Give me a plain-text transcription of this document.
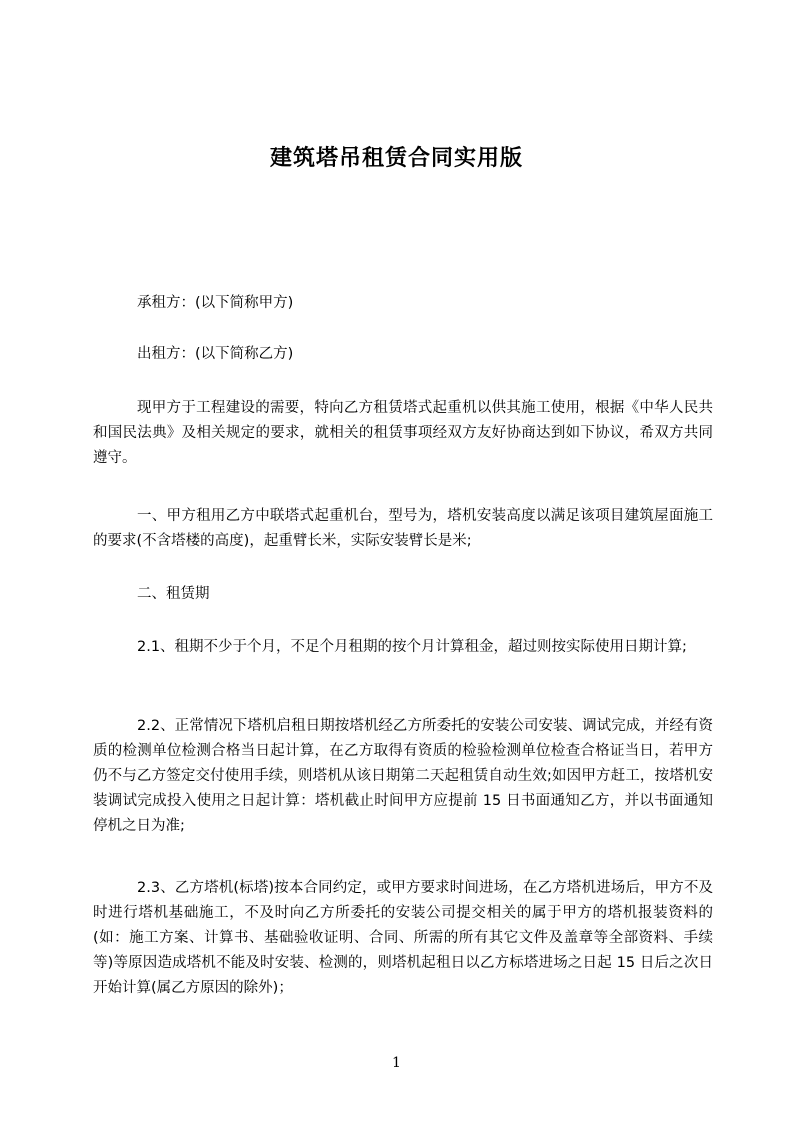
建筑塔吊租赁合同实用版
承租方：(以下简称甲方)
出租方：(以下简称乙方)
现甲方于工程建设的需要，特向乙方租赁塔式起重机以供其施工使用，根据《中华人民共和国民法典》及相关规定的要求，就相关的租赁事项经双方友好协商达到如下协议，希双方共同遵守。
一、甲方租用乙方中联塔式起重机台，型号为，塔机安装高度以满足该项目建筑屋面施工的要求(不含塔楼的高度)，起重臂长米，实际安装臂长是米;
二、租赁期
2.1、租期不少于个月，不足个月租期的按个月计算租金，超过则按实际使用日期计算;
2.2、正常情况下塔机启租日期按塔机经乙方所委托的安装公司安装、调试完成，并经有资质的检测单位检测合格当日起计算，在乙方取得有资质的检验检测单位检查合格证当日，若甲方仍不与乙方签定交付使用手续，则塔机从该日期第二天起租赁自动生效;如因甲方赶工，按塔机安装调试完成投入使用之日起计算：塔机截止时间甲方应提前 15 日书面通知乙方，并以书面通知停机之日为准;
2.3、乙方塔机(标塔)按本合同约定，或甲方要求时间进场，在乙方塔机进场后，甲方不及时进行塔机基础施工，不及时向乙方所委托的安装公司提交相关的属于甲方的塔机报装资料的(如：施工方案、计算书、基础验收证明、合同、所需的所有其它文件及盖章等全部资料、手续等)等原因造成塔机不能及时安装、检测的，则塔机起租日以乙方标塔进场之日起 15 日后之次日开始计算(属乙方原因的除外)；
1
